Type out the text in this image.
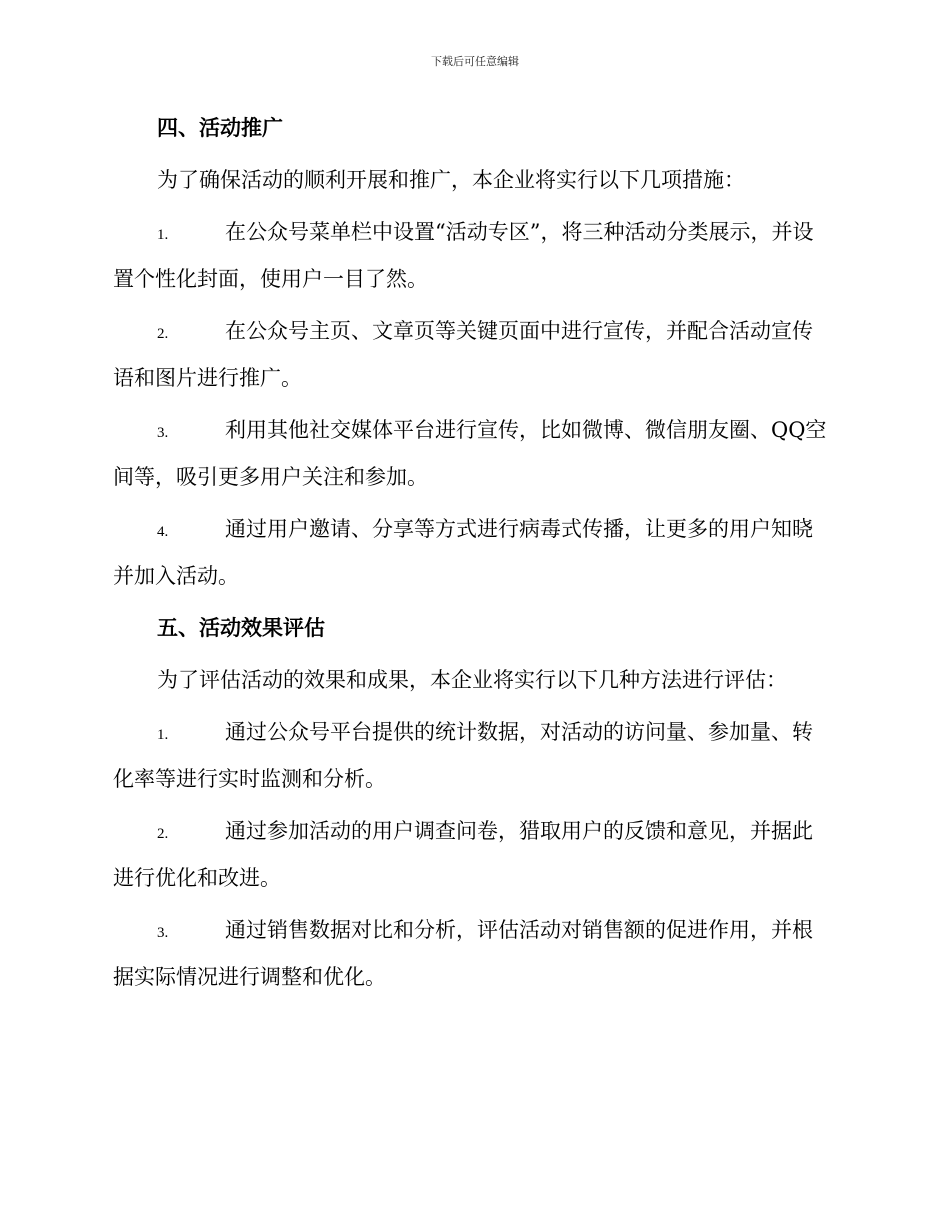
下载后可任意编辑
四、活动推广

为了确保活动的顺利开展和推广，本企业将实行以下几项措施：

1.	在公众号菜单栏中设置“活动专区”，将三种活动分类展示，并设置个性化封面，使用户一目了然。

2.	在公众号主页、文章页等关键页面中进行宣传，并配合活动宣传语和图片进行推广。

3.	利用其他社交媒体平台进行宣传，比如微博、微信朋友圈、QQ空间等，吸引更多用户关注和参加。

4.	通过用户邀请、分享等方式进行病毒式传播，让更多的用户知晓并加入活动。

五、活动效果评估

为了评估活动的效果和成果，本企业将实行以下几种方法进行评估：

1.	通过公众号平台提供的统计数据，对活动的访问量、参加量、转化率等进行实时监测和分析。

2.	通过参加活动的用户调查问卷，猎取用户的反馈和意见，并据此进行优化和改进。

3.	通过销售数据对比和分析，评估活动对销售额的促进作用，并根据实际情况进行调整和优化。
